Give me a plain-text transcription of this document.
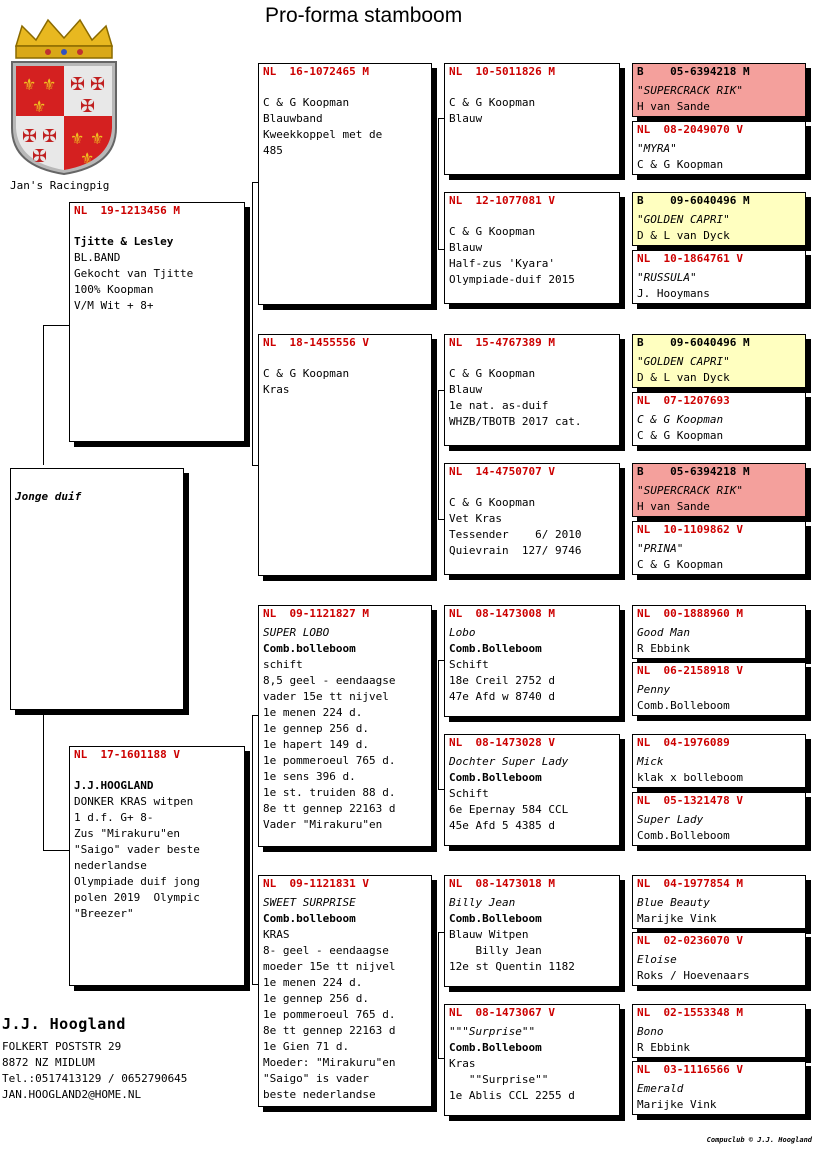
Pro-forma stamboom
⚜ ⚜
⚜
⚜ ⚜
⚜
✠ ✠
✠
✠ ✠
✠
Jan's Racingpig
Jonge duif
NL  19-1213456 M
Tjitte & Lesley
BL.BAND
Gekocht van Tjitte
100% Koopman
V/M Wit + 8+
NL  17-1601188 V
J.J.HOOGLAND
DONKER KRAS witpen
1 d.f. G+ 8-
Zus "Mirakuru"en
"Saigo" vader beste
nederlandse
Olympiade duif jong
polen 2019  Olympic
"Breezer"
NL  16-1072465 M
C & G Koopman
Blauwband
Kweekkoppel met de
485
NL  18-1455556 V
C & G Koopman
Kras
NL  09-1121827 M
SUPER LOBO
Comb.bolleboom
schift
8,5 geel - eendaagse
vader 15e tt nijvel
1e menen 224 d.
1e gennep 256 d.
1e hapert 149 d.
1e pommeroeul 765 d.
1e sens 396 d.
1e st. truiden 88 d.
8e tt gennep 22163 d
Vader "Mirakuru"en
NL  09-1121831 V
SWEET SURPRISE
Comb.bolleboom
KRAS
8- geel - eendaagse
moeder 15e tt nijvel
1e menen 224 d.
1e gennep 256 d.
1e pommeroeul 765 d.
8e tt gennep 22163 d
1e Gien 71 d.
Moeder: "Mirakuru"en
"Saigo" is vader
beste nederlandse
NL  10-5011826 M
C & G Koopman
Blauw
NL  12-1077081 V
C & G Koopman
Blauw
Half-zus 'Kyara'
Olympiade-duif 2015
NL  15-4767389 M
C & G Koopman
Blauw
1e nat. as-duif
WHZB/TBOTB 2017 cat.
NL  14-4750707 V
C & G Koopman
Vet Kras
Tessender    6/ 2010
Quievrain  127/ 9746
NL  08-1473008 M
Lobo
Comb.Bolleboom
Schift
18e Creil 2752 d
47e Afd w 8740 d
NL  08-1473028 V
Dochter Super Lady
Comb.Bolleboom
Schift
6e Epernay 584 CCL
45e Afd 5 4385 d
NL  08-1473018 M
Billy Jean
Comb.Bolleboom
Blauw Witpen
Billy Jean
12e st Quentin 1182
NL  08-1473067 V
"""Surprise""
Comb.Bolleboom
Kras
""Surprise""
1e Ablis CCL 2255 d
B    05-6394218 M
"SUPERCRACK RIK"
H van Sande
NL  08-2049070 V
"MYRA"
C & G Koopman
B    09-6040496 M
"GOLDEN CAPRI"
D & L van Dyck
NL  10-1864761 V
"RUSSULA"
J. Hooymans
B    09-6040496 M
"GOLDEN CAPRI"
D & L van Dyck
NL  07-1207693
C & G Koopman
C & G Koopman
B    05-6394218 M
"SUPERCRACK RIK"
H van Sande
NL  10-1109862 V
"PRINA"
C & G Koopman
NL  00-1888960 M
Good Man
R Ebbink
NL  06-2158918 V
Penny
Comb.Bolleboom
NL  04-1976089
Mick
klak x bolleboom
NL  05-1321478 V
Super Lady
Comb.Bolleboom
NL  04-1977854 M
Blue Beauty
Marijke Vink
NL  02-0236070 V
Eloise
Roks / Hoevenaars
NL  02-1553348 M
Bono
R Ebbink
NL  03-1116566 V
Emerald
Marijke Vink
J.J. Hoogland
FOLKERT POSTSTR 29
8872 NZ MIDLUM
Tel.:0517413129 / 0652790645
JAN.HOOGLAND2@HOME.NL
Compuclub © J.J. Hoogland
